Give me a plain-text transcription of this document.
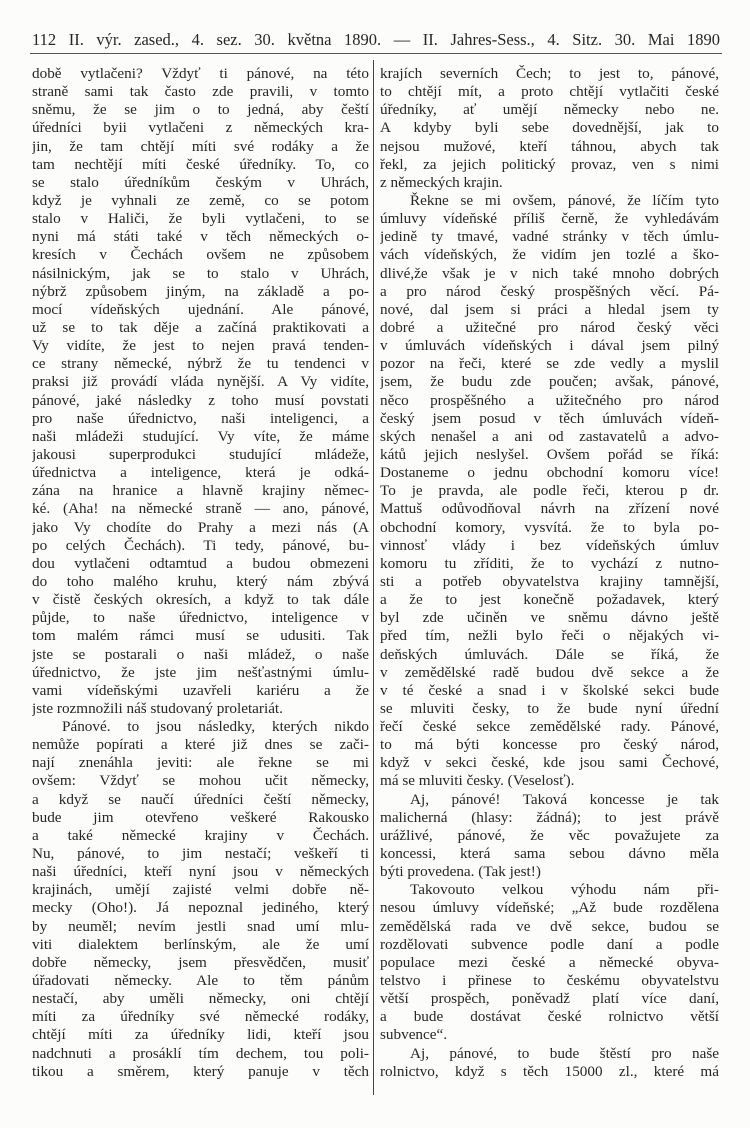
112 II. výr. zased., 4. sez. 30. května 1890. — II. Jahres-Sess., 4. Sitz. 30. Mai 1890
době vytlačeni? Vždyť ti pánové, na této
straně sami tak často zde pravili, v tomto
sněmu, že se jim o to jedná, aby čeští
úředníci byii vytlačeni z německých kra-
jin, že tam chtějí míti své rodáky a že
tam nechtějí míti české úředníky. To, co
se stalo úředníkům českým v Uhrách,
když je vyhnali ze země, co se potom
stalo v Haliči, že byli vytlačeni, to se
nyni má státi také v těch německých o-
kresích v Čechách ovšem ne způsobem
násilnickým, jak se to stalo v Uhrách,
nýbrž způsobem jiným, na základě a po-
mocí vídeňských ujednání. Ale pánové,
už se to tak děje a začíná praktikovati a
Vy vidíte, že jest to nejen pravá tenden-
ce strany německé, nýbrž že tu tendenci v
praksi již provádí vláda nynější. A Vy vidíte,
pánové, jaké následky z toho musí povstati
pro naše úřednictvo, naši inteligenci, a
naši mládeži studující. Vy víte, že máme
jakousi superprodukci studující mládeže,
úřednictva a inteligence, která je odká-
zána na hranice a hlavně krajiny němec-
ké. (Aha! na německé straně — ano, pánové,
jako Vy chodíte do Prahy a mezi nás (A
po celých Čechách). Ti tedy, pánové, bu-
dou vytlačeni odtamtud a budou obmezeni
do toho malého kruhu, který nám zbývá
v čistě českých okresích, a když to tak dále
půjde, to naše úřednictvo, inteligence v
tom malém rámci musí se udusiti. Tak
jste se postarali o naši mládež, o naše
úřednictvo, že jste jim nešťastnými úmlu-
vami vídeňskými uzavřeli kariéru a že
jste rozmnožili náš studovaný proletariát.
Pánové. to jsou následky, kterých nikdo
nemůže popírati a které již dnes se zači-
nají znenáhla jeviti: ale řekne se mi
ovšem: Vždyť se mohou učit německy,
a když se naučí úředníci čeští německy,
bude jim otevřeno veškeré Rakousko
a také německé krajiny v Čechách.
Nu, pánové, to jim nestačí; veškeří ti
naši úředníci, kteří nyní jsou v německých
krajinách, umějí zajisté velmi dobře ně-
mecky (Oho!). Já nepoznal jediného, který
by neuměl; nevím jestli snad umí mlu-
viti dialektem berlínským, ale že umí
dobře německy, jsem přesvědčen, musiť
úřadovati německy. Ale to těm pánům
nestačí, aby uměli německy, oni chtějí
míti za úředníky své německé rodáky,
chtějí míti za úředníky lidi, kteří jsou
nadchnuti a prosáklí tím dechem, tou poli-
tikou a směrem, který panuje v těch
krajích severních Čech; to jest to, pánové,
to chtějí mít, a proto chtějí vytlačiti české
úředníky, ať umějí německy nebo ne.
A kdyby byli sebe dovednější, jak to
nejsou mužové, kteří táhnou, abych tak
řekl, za jejich politický provaz, ven s nimi
z německých krajin.
Řekne se mi ovšem, pánové, že líčím tyto
úmluvy vídeňské příliš černě, že vyhledávám
jedině ty tmavé, vadné stránky v těch úmlu-
vách vídeňských, že vidím jen tozlé a ško-
dlivé,že však je v nich také mnoho dobrých
a pro národ český prospěšných věcí. Pá-
nové, dal jsem si práci a hledal jsem ty
dobré a užitečné pro národ český věci
v úmluvách vídeňských i dával jsem pilný
pozor na řeči, které se zde vedly a myslil
jsem, že budu zde poučen; avšak, pánové,
něco prospěšného a užitečného pro národ
český jsem posud v těch úmluvách vídeň-
ských nenašel a ani od zastavatelů a advo-
kátů jejich neslyšel. Ovšem pořád se říká:
Dostaneme o jednu obchodní komoru více!
To je pravda, ale podle řeči, kterou p dr.
Mattuš odůvodňoval návrh na zřízení nové
obchodní komory, vysvítá. že to byla po-
vinnosť vlády i bez vídeňských úmluv
komoru tu zříditi, že to vychází z nutno-
sti a potřeb obyvatelstva krajiny tamnější,
a že to jest konečně požadavek, který
byl zde učiněn ve sněmu dávno ještě
před tím, nežli bylo řeči o nějakých vi-
deňských úmluvách. Dále se říká, že
v zemědělské radě budou dvě sekce a že
v té české a snad i v školské sekci bude
se mluviti česky, to že bude nyní úřední
řečí české sekce zemědělské rady. Pánové,
to má býti koncesse pro český národ,
když v sekci české, kde jsou sami Čechové,
má se mluviti česky. (Veselosť).
Aj, pánové! Taková koncesse je tak
malicherná (hlasy: žádná); to jest právě
urážlivé, pánové, že věc považujete za
koncessi, která sama sebou dávno měla
býti provedena. (Tak jest!)
Takovouto velkou výhodu nám při-
nesou úmluvy vídeňské; „Až bude rozdělena
zemědělská rada ve dvě sekce, budou se
rozdělovati subvence podle daní a podle
populace mezi české a německé obyva-
telstvo i přinese to českému obyvatelstvu
větší prospěch, poněvadž platí více daní,
a bude dostávat české rolnictvo větší
subvence“.
Aj, pánové, to bude štěstí pro naše
rolnictvo, když s těch 15000 zl., které má
